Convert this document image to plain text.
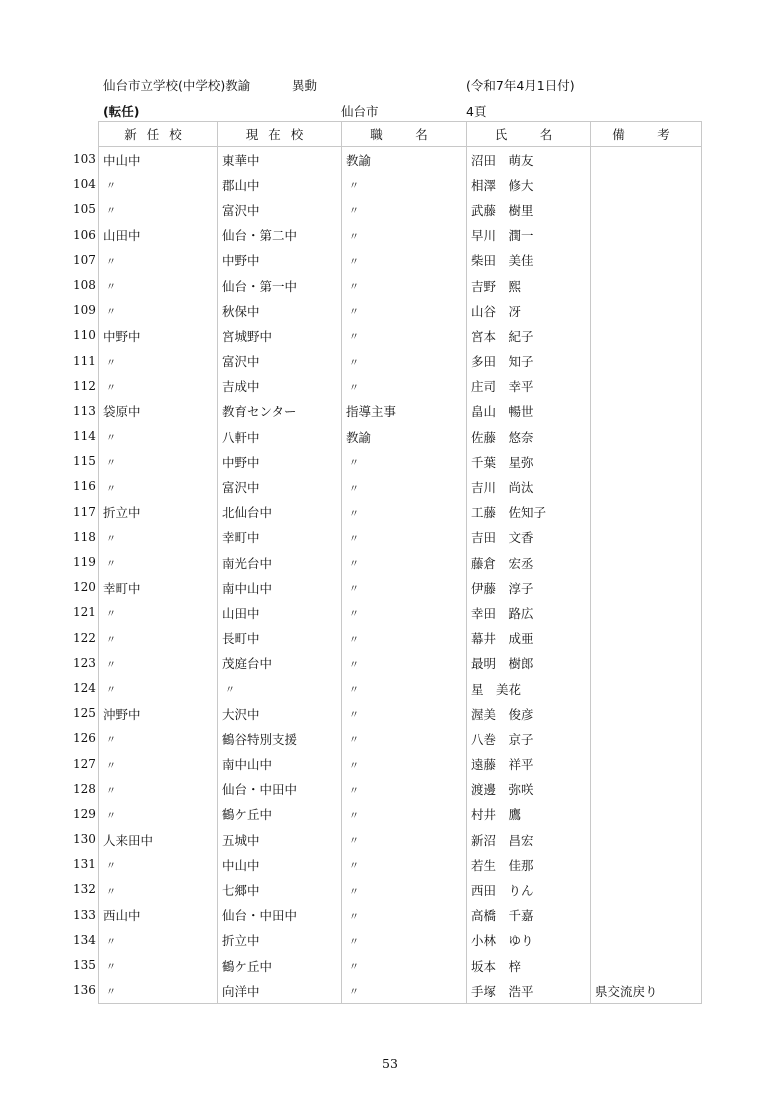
仙台市立学校(中学校)教諭	異動	(令和7年4月1日付)
(転任)	仙台市	4頁
新任校	現在校	職　名	氏　名	備　考

103 中山中	東華中	教諭	沼田　萌友	

104 〃	郡山中	〃	相澤　修大	

105 〃	富沢中	〃	武藤　樹里	

106 山田中	仙台・第二中	〃	早川　潤一	

107 〃	中野中	〃	柴田　美佳	

108 〃	仙台・第一中	〃	吉野　熙	

109 〃	秋保中	〃	山谷　冴	

110 中野中	宮城野中	〃	宮本　紀子	

111 〃	富沢中	〃	多田　知子	

112 〃	吉成中	〃	庄司　幸平	

113 袋原中	教育センター	指導主事	畠山　暢世	

114 〃	八軒中	教諭	佐藤　悠奈	

115 〃	中野中	〃	千葉　星弥	

116 〃	富沢中	〃	吉川　尚汰	

117 折立中	北仙台中	〃	工藤　佐知子	

118 〃	幸町中	〃	吉田　文香	

119 〃	南光台中	〃	藤倉　宏丞	

120 幸町中	南中山中	〃	伊藤　淳子	

121 〃	山田中	〃	幸田　路広	

122 〃	長町中	〃	幕井　成亜	

123 〃	茂庭台中	〃	最明　樹郎	

124 〃	〃	〃	星　美花	

125 沖野中	大沢中	〃	渥美　俊彦	

126 〃	鶴谷特別支援	〃	八巻　京子	

127 〃	南中山中	〃	遠藤　祥平	

128 〃	仙台・中田中	〃	渡邊　弥咲	

129 〃	鶴ケ丘中	〃	村井　鷹	

130 人来田中	五城中	〃	新沼　昌宏	

131 〃	中山中	〃	若生　佳那	

132 〃	七郷中	〃	西田　りん	

133 西山中	仙台・中田中	〃	高橋　千嘉	

134 〃	折立中	〃	小林　ゆり	

135 〃	鶴ケ丘中	〃	坂本　梓	

136 〃	向洋中	〃	手塚　浩平	県交流戻り
53
